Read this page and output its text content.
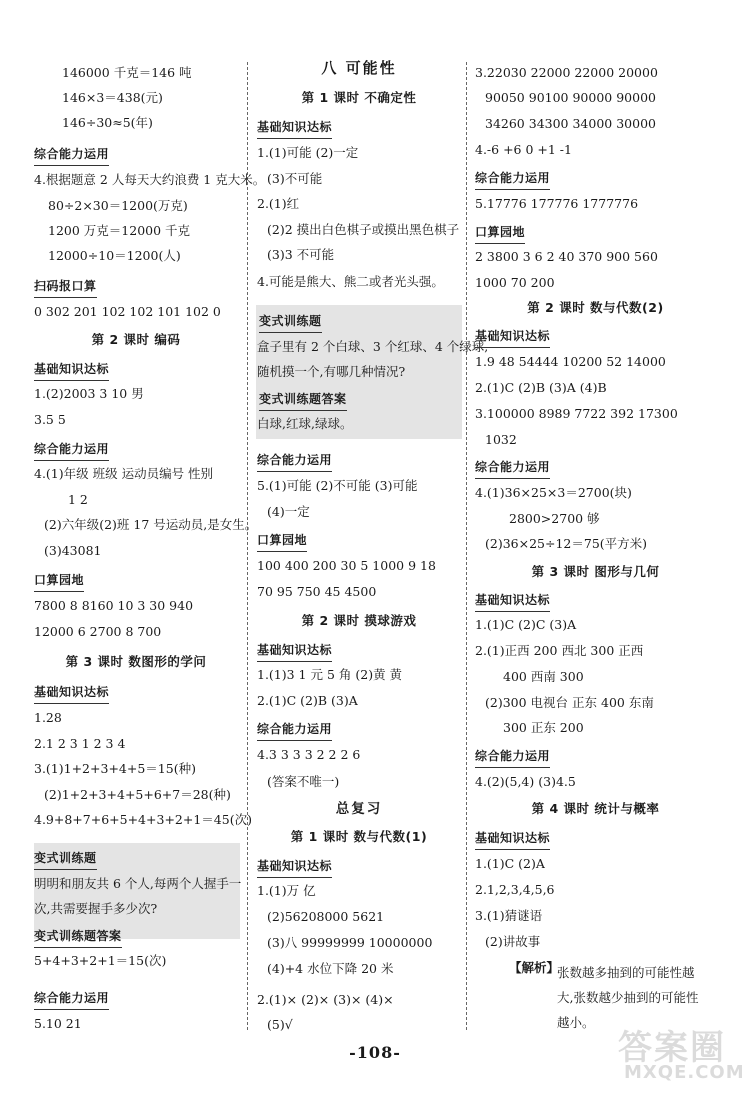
146000 千克＝146 吨
146×3＝438(元)
146÷30≈5(年)
综合能力运用
4.根据题意 2 人每天大约浪费 1 克大米。
80÷2×30＝1200(万克)
1200 万克＝12000 千克
12000÷10＝1200(人)
扫码报口算
0 302 201 102 102 101 102 0
第 2 课时 编码
基础知识达标
1.(2)2003 3 10 男
3.5 5
综合能力运用
4.(1)年级 班级 运动员编号 性别
1 2
(2)六年级(2)班 17 号运动员,是女生。
(3)43081
口算园地
7800 8 8160 10 3 30 940
12000 6 2700 8 700
第 3 课时 数图形的学问
基础知识达标
1.28
2.1 2 3 1 2 3 4
3.(1)1+2+3+4+5＝15(种)
(2)1+2+3+4+5+6+7＝28(种)
4.9+8+7+6+5+4+3+2+1＝45(次)
变式训练题
明明和朋友共 6 个人,每两个人握手一
次,共需要握手多少次?
变式训练题答案
5+4+3+2+1＝15(次)
综合能力运用
5.10 21
八 可能性
第 1 课时 不确定性
基础知识达标
1.(1)可能 (2)一定
(3)不可能
2.(1)红
(2)2 摸出白色棋子或摸出黑色棋子
(3)3 不可能
4.可能是熊大、熊二或者光头强。
变式训练题
盒子里有 2 个白球、3 个红球、4 个绿球,
随机摸一个,有哪几种情况?
变式训练题答案
白球,红球,绿球。
综合能力运用
5.(1)可能 (2)不可能 (3)可能
(4)一定
口算园地
100 400 200 30 5 1000 9 18
70 95 750 45 4500
第 2 课时 摸球游戏
基础知识达标
1.(1)3 1 元 5 角 (2)黄 黄
2.(1)C (2)B (3)A
综合能力运用
4.3 3 3 3 2 2 2 6
(答案不唯一)
总复习
第 1 课时 数与代数(1)
基础知识达标
1.(1)万 亿
(2)56208000 5621
(3)八 99999999 10000000
(4)+4 水位下降 20 米
2.(1)× (2)× (3)× (4)×
(5)√
3.22030 22000 22000 20000
90050 90100 90000 90000
34260 34300 34000 30000
4.-6 +6 0 +1 -1
综合能力运用
5.17776 177776 1777776
口算园地
2 3800 3 6 2 40 370 900 560
1000 70 200
第 2 课时 数与代数(2)
基础知识达标
1.9 48 54444 10200 52 14000
2.(1)C (2)B (3)A (4)B
3.100000 8989 7722 392 17300
1032
综合能力运用
4.(1)36×25×3＝2700(块)
2800>2700 够
(2)36×25÷12＝75(平方米)
第 3 课时 图形与几何
基础知识达标
1.(1)C (2)C (3)A
2.(1)正西 200 西北 300 正西
400 西南 300
(2)300 电视台 正东 400 东南
300 正东 200
综合能力运用
4.(2)(5,4) (3)4.5
第 4 课时 统计与概率
基础知识达标
1.(1)C (2)A
2.1,2,3,4,5,6
3.(1)猜谜语
(2)讲故事
【解析】
张数越多抽到的可能性越大,张数越少抽到的可能性越小。
-108-	答案圈
MXQE.COM
